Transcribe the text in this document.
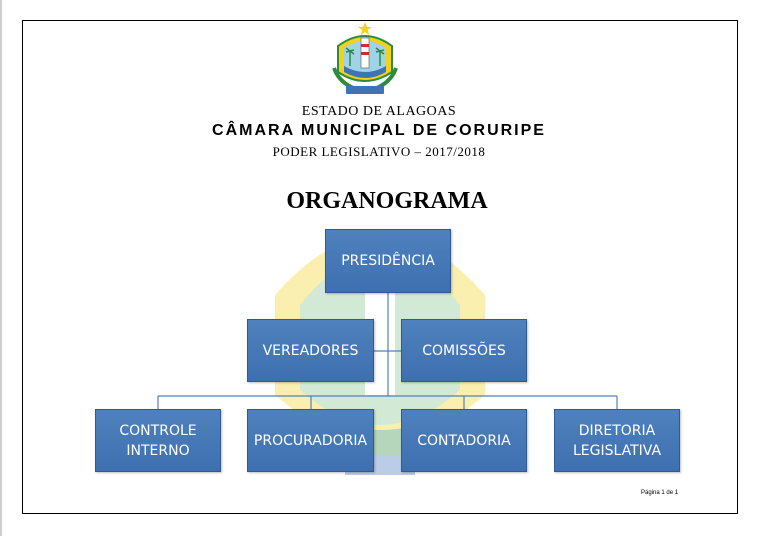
ESTADO DE ALAGOAS
CÂMARA MUNICIPAL DE CORURIPE
PODER LEGISLATIVO – 2017/2018
ORGANOGRAMA
PRESIDÊNCIA
VEREADORES	COMISSÕES
CONTROLE
INTERNO
PROCURADORIA	CONTADORIA
DIRETORIA
LEGISLATIVA
Página 1 de 1
